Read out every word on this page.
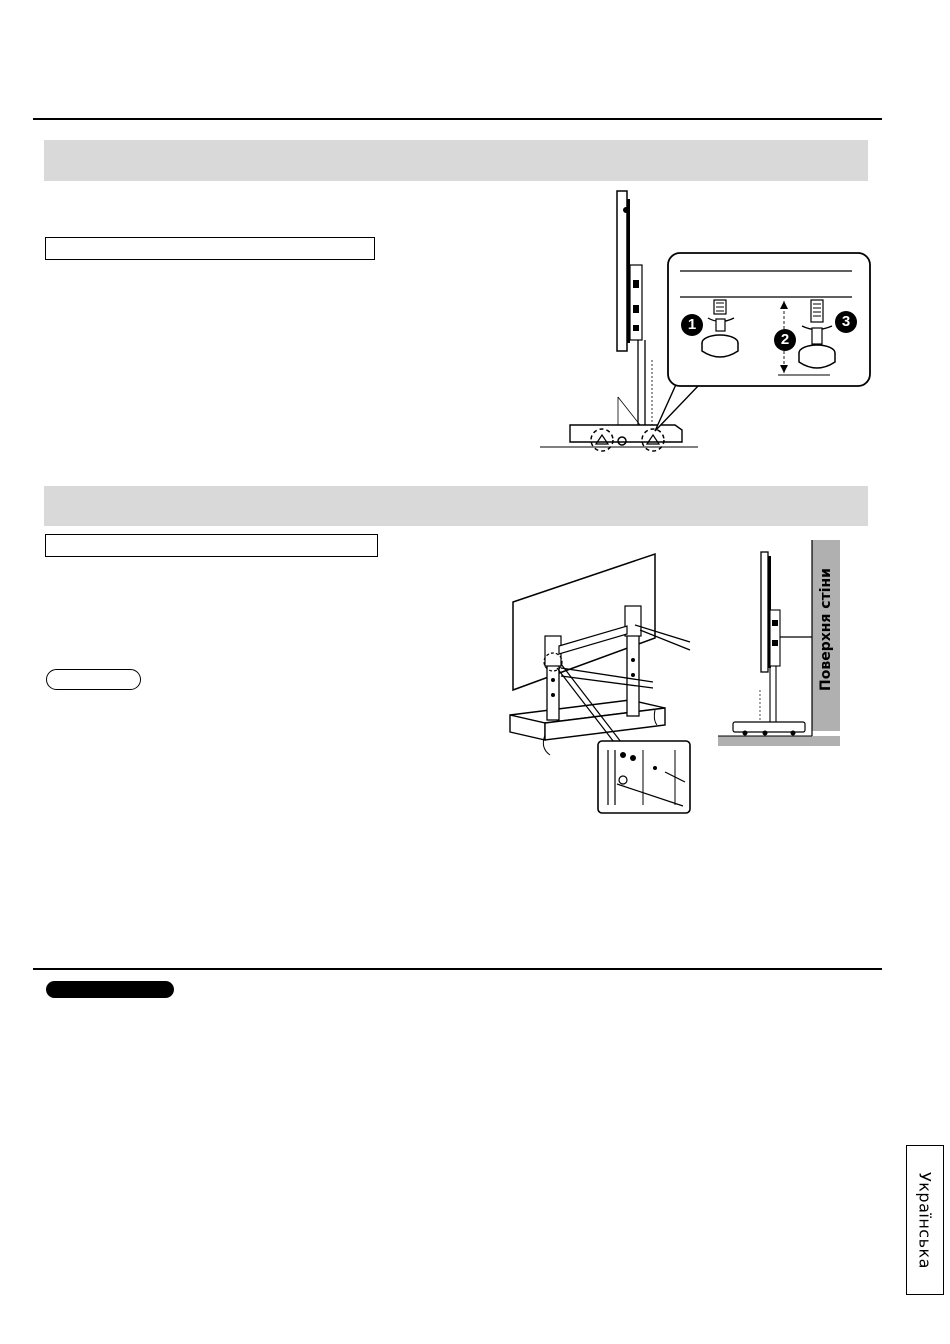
1
2
3
Поверхня стіни
Українська
